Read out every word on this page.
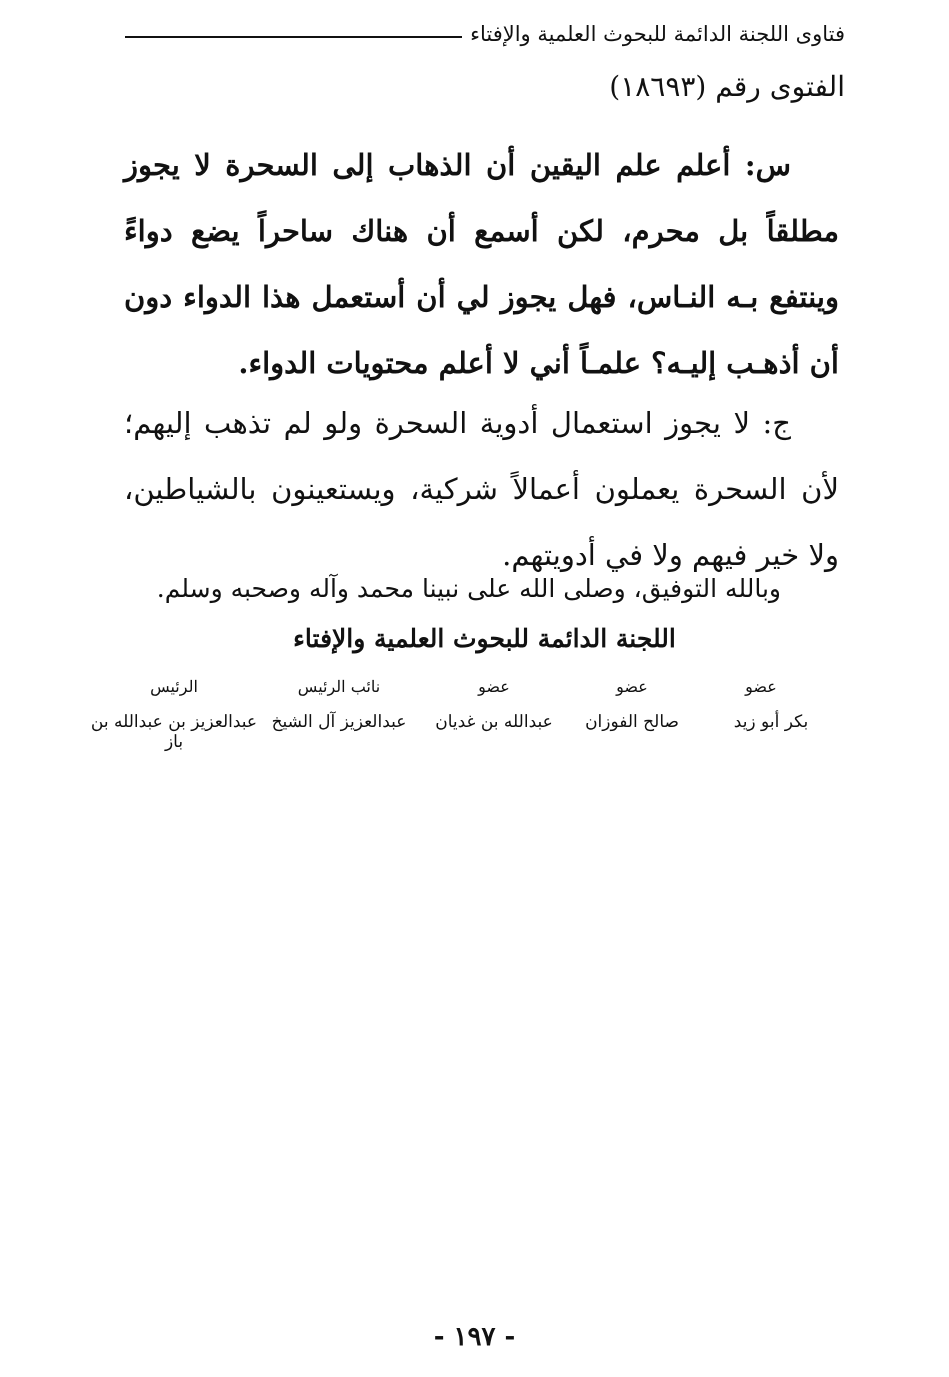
فتاوى اللجنة الدائمة للبحوث العلمية والإفتاء
الفتوى رقم (١٨٦٩٣)
س: أعلم علم اليقين أن الذهاب إلى السحرة لا يجوز مطلقاً بل محرم، لكن أسمع أن هناك ساحراً يضع دواءً وينتفع بـه النـاس، فهل يجوز لي أن أستعمل هذا الدواء دون أن أذهـب إليـه؟ علمـاً أني لا أعلم محتويات الدواء.
ج: لا يجوز استعمال أدوية السحرة ولو لم تذهب إليهم؛ لأن السحرة يعملون أعمالاً شركية، ويستعينون بالشياطين، ولا خير فيهم ولا في أدويتهم.
وبالله التوفيق، وصلى الله على نبينا محمد وآله وصحبه وسلم.
اللجنة الدائمة للبحوث العلمية والإفتاء
عضو
بكر أبو زيد
عضو
صالح الفوزان
عضو
عبدالله بن غديان
نائب الرئيس
عبدالعزيز آل الشيخ
الرئيس
عبدالعزيز بن عبدالله بن باز
- ١٩٧ -
